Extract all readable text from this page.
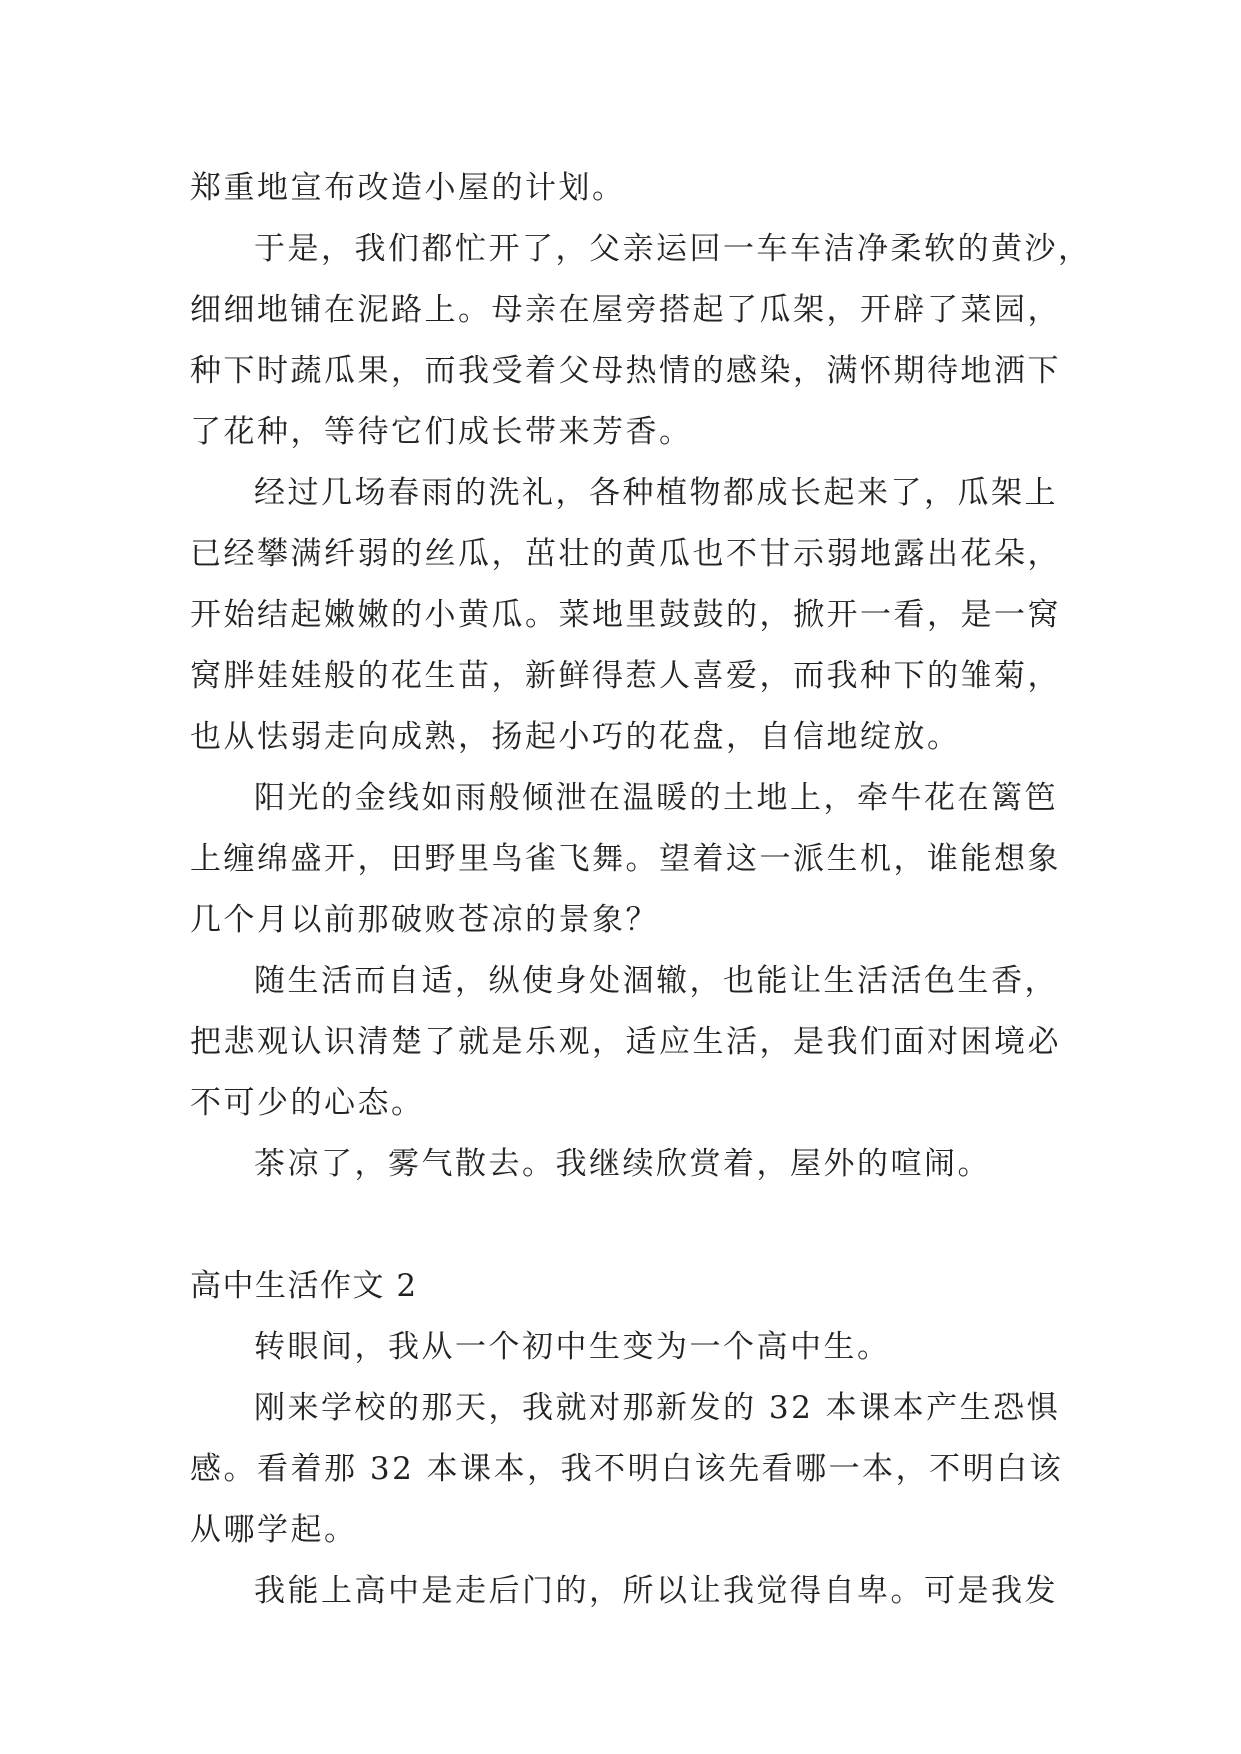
郑重地宣布改造小屋的计划。
于是，我们都忙开了，父亲运回一车车洁净柔软的黄沙，
细细地铺在泥路上。母亲在屋旁搭起了瓜架，开辟了菜园，
种下时蔬瓜果，而我受着父母热情的感染，满怀期待地洒下
了花种，等待它们成长带来芳香。
经过几场春雨的洗礼，各种植物都成长起来了，瓜架上
已经攀满纤弱的丝瓜，茁壮的黄瓜也不甘示弱地露出花朵，
开始结起嫩嫩的小黄瓜。菜地里鼓鼓的，掀开一看，是一窝
窝胖娃娃般的花生苗，新鲜得惹人喜爱，而我种下的雏菊，
也从怯弱走向成熟，扬起小巧的花盘，自信地绽放。
阳光的金线如雨般倾泄在温暖的土地上，牵牛花在篱笆
上缠绵盛开，田野里鸟雀飞舞。望着这一派生机，谁能想象
几个月以前那破败苍凉的景象？
随生活而自适，纵使身处涸辙，也能让生活活色生香，
把悲观认识清楚了就是乐观，适应生活，是我们面对困境必
不可少的心态。
茶凉了，雾气散去。我继续欣赏着，屋外的喧闹。
高中生活作文 2
转眼间，我从一个初中生变为一个高中生。
刚来学校的那天，我就对那新发的 32 本课本产生恐惧
感。看着那 32 本课本，我不明白该先看哪一本，不明白该
从哪学起。
我能上高中是走后门的，所以让我觉得自卑。可是我发
